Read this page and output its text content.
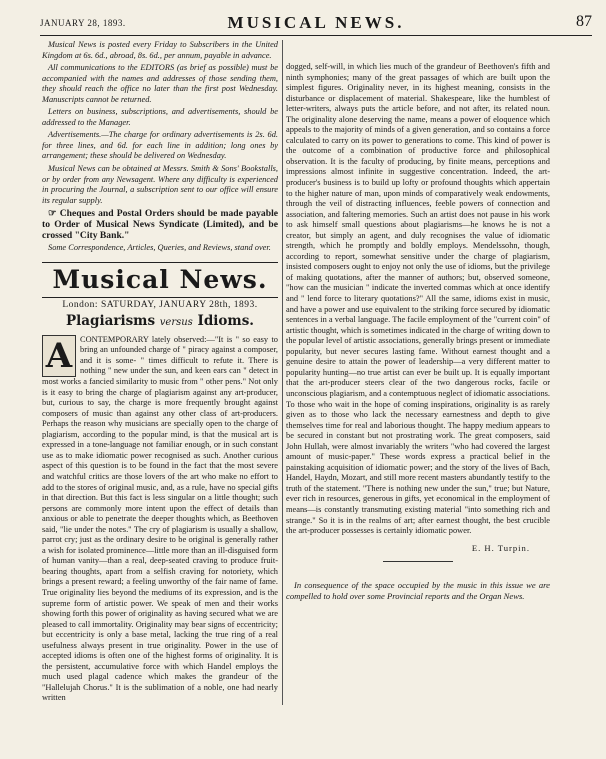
JANUARY 28, 1893.	MUSICAL NEWS.	87

Musical News is posted every Friday to Subscribers in the United Kingdom at 6s. 6d., abroad, 8s. 6d., per annum, payable in advance.

All communications to the EDITORS (as brief as possible) must be accompanied with the names and addresses of those sending them, they should reach the office no later than the first post Wednesday. Manuscripts cannot be returned.

Letters on business, subscriptions, and advertisements, should be addressed to the Manager.

Advertisements.—The charge for ordinary advertisements is 2s. 6d. for three lines, and 6d. for each line in addition; long ones by arrangement; these should be delivered on Wednesday.

Musical News can be obtained at Messrs. Smith & Sons' Bookstalls, or by order from any Newsagent. Where any difficulty is experienced in procuring the Journal, a subscription sent to our office will ensure its regular supply.

☞ Cheques and Postal Orders should be made payable to Order of Musical News Syndicate (Limited), and be crossed "City Bank."

Some Correspondence, Articles, Queries, and Reviews, stand over.

Musical News.
London: SATURDAY, JANUARY 28th, 1893.
Plagiarisms versus Idioms.
A CONTEMPORARY lately observed:—"It is " so easy to bring an unfounded charge of " piracy against a composer, and it is some- " times difficult to refute it. There is nothing " new under the sun, and keen ears can " detect in most works a fancied similarity to music from " other pens." Not only is it easy to bring the charge of plagiarism against any art-producer, but, curious to say, the charge is more frequently brought against composers of music than against any other class of art-producers. Perhaps the reason why musicians are specially open to the charge of plagiarism, according to the popular mind, is that the musical art is expressed in a tone-language not familiar enough, or in such constant use as to make idiomatic power recognised as such. Another curious aspect of this question is to be found in the fact that the most severe and watchful critics are those lovers of the art who make no effort to add to the stores of original music, and, as a rule, have no special gifts in that direction. But this fact is less singular on a little thought; such persons are commonly more intent upon the effect of details than anxious or able to penetrate the deeper thoughts which, as Beethoven said, "lie under the notes." The cry of plagiarism is usually a shallow, parrot cry; just as the ordinary desire to be original is generally rather a wish for isolated prominence—little more than an ill-disguised form of human vanity—than a real, deep-seated craving to produce fruit-bearing thoughts, apart from a selfish craving for notoriety, which brings a present reward; a feeling unworthy of the fair name of fame. True originality lies beyond the mediums of its expression, and is the supreme form of artistic power. We speak of men and their works showing forth this power of originality as having secured what we are pleased to call immortality. Originality may bear signs of eccentricity; but eccentricity is only a base metal, lacking the true ring of a real usefulness always present in true originality. Power in the use of accepted idioms is often one of the highest forms of originality. It is the persistent, accumulative force with which Handel employs the much used plagal cadence which makes the grandeur of the "Hallelujah Chorus." It is the sublimation of a noble, one had nearly written

dogged, self-will, in which lies much of the grandeur of Beethoven's fifth and ninth symphonies; many of the great passages of which are built upon the simplest figures. Originality never, in its highest meaning, consists in the disturbance or displacement of material. Shakespeare, like the humblest of letter-writers, always puts the article before, and not after, its related noun. The originality alone deserving the name, means a power of eloquence which appeals to the majority of minds of a given generation, and so contains a force calculated to carry on its power to generations to come. This kind of power is the outcome of a combination of productive force and philosophical observation. It is the faculty of producing, by finite means, perceptions and impressions almost infinite in suggestive concentration. Indeed, the art-producer's business is to build up lofty or profound thoughts which appertain to the higher nature of man, upon minds of comparatively weak endowments, through the veil of distracting influences, feeble powers of connection and association, and faltering memories. Such an artist does not pause in his work to ask himself small questions about plagiarisms—he knows he is not a creator, but simply an agent, and duly recognises the value of idiomatic strength, which he promptly and boldly employs. Mendelssohn, though, according to report, somewhat sensitive under the charge of plagiarism, insisted composers ought to enjoy not only the use of idioms, but the privilege of making quotations, after the manner of authors; but, observed someone, "how can the musician " indicate the inverted commas which at once identify and " lend force to literary quotations?" All the same, idioms exist in music, and have a power and use equivalent to the striking force secured by idiomatic sentences in a verbal language. The facile employment of the "current coin" of artistic thought, which is sometimes indicated in the charge of writing down to the popular level of artistic associations, generally brings present or immediate popularity, but never secures lasting fame. Without earnest thought and a genuine desire to attain the power of leadership—a very different matter to popularity hunting—no true artist can ever be built up. It is equally important that the art-producer steers clear of the two dangerous rocks, facile or unconscious plagiarism, and a contemptuous neglect of idiomatic associations. To those who wait in the hope of coming inspirations, originality is as rarely given as to those who lack the necessary earnestness and depth to give themselves time for real and laborious thought. The happy medium appears to be secured in constant but not prostrating work. The great composers, said John Hullah, were almost invariably the writers "who had covered the largest amount of music-paper." These words express a practical belief in the painstaking acquisition of idiomatic power; and the story of the lives of Bach, Handel, Haydn, Mozart, and still more recent masters abundantly testify to the truth of the statement. "There is nothing new under the sun," true; but Nature, ever rich in resources, generous in gifts, yet economical in the employment of means—is constantly transmuting existing material "into something rich and strange." So it is in the realms of art; after earnest thought, the best crucible the art-producer possesses is certainly idiomatic power.

E. H. Turpin.

In consequence of the space occupied by the music in this issue we are compelled to hold over some Provincial reports and the Organ News.
